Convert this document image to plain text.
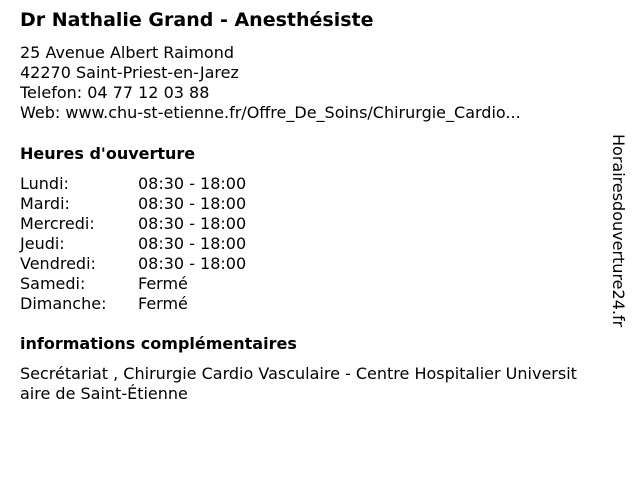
Dr Nathalie Grand - Anesthésiste
25 Avenue Albert Raimond
42270 Saint-Priest-en-Jarez
Telefon: 04 77 12 03 88
Web: www.chu-st-etienne.fr/Offre_De_Soins/Chirurgie_Cardio...
Heures d'ouverture
Lundi:	08:30 - 18:00
Mardi:	08:30 - 18:00
Mercredi:	08:30 - 18:00
Jeudi:	08:30 - 18:00
Vendredi:	08:30 - 18:00
Samedi:	Fermé
Dimanche: Fermé
informations complémentaires
Secrétariat , Chirurgie Cardio Vasculaire - Centre Hospitalier Universitaire de Saint-Étienne
Horairesdouverture24.fr
